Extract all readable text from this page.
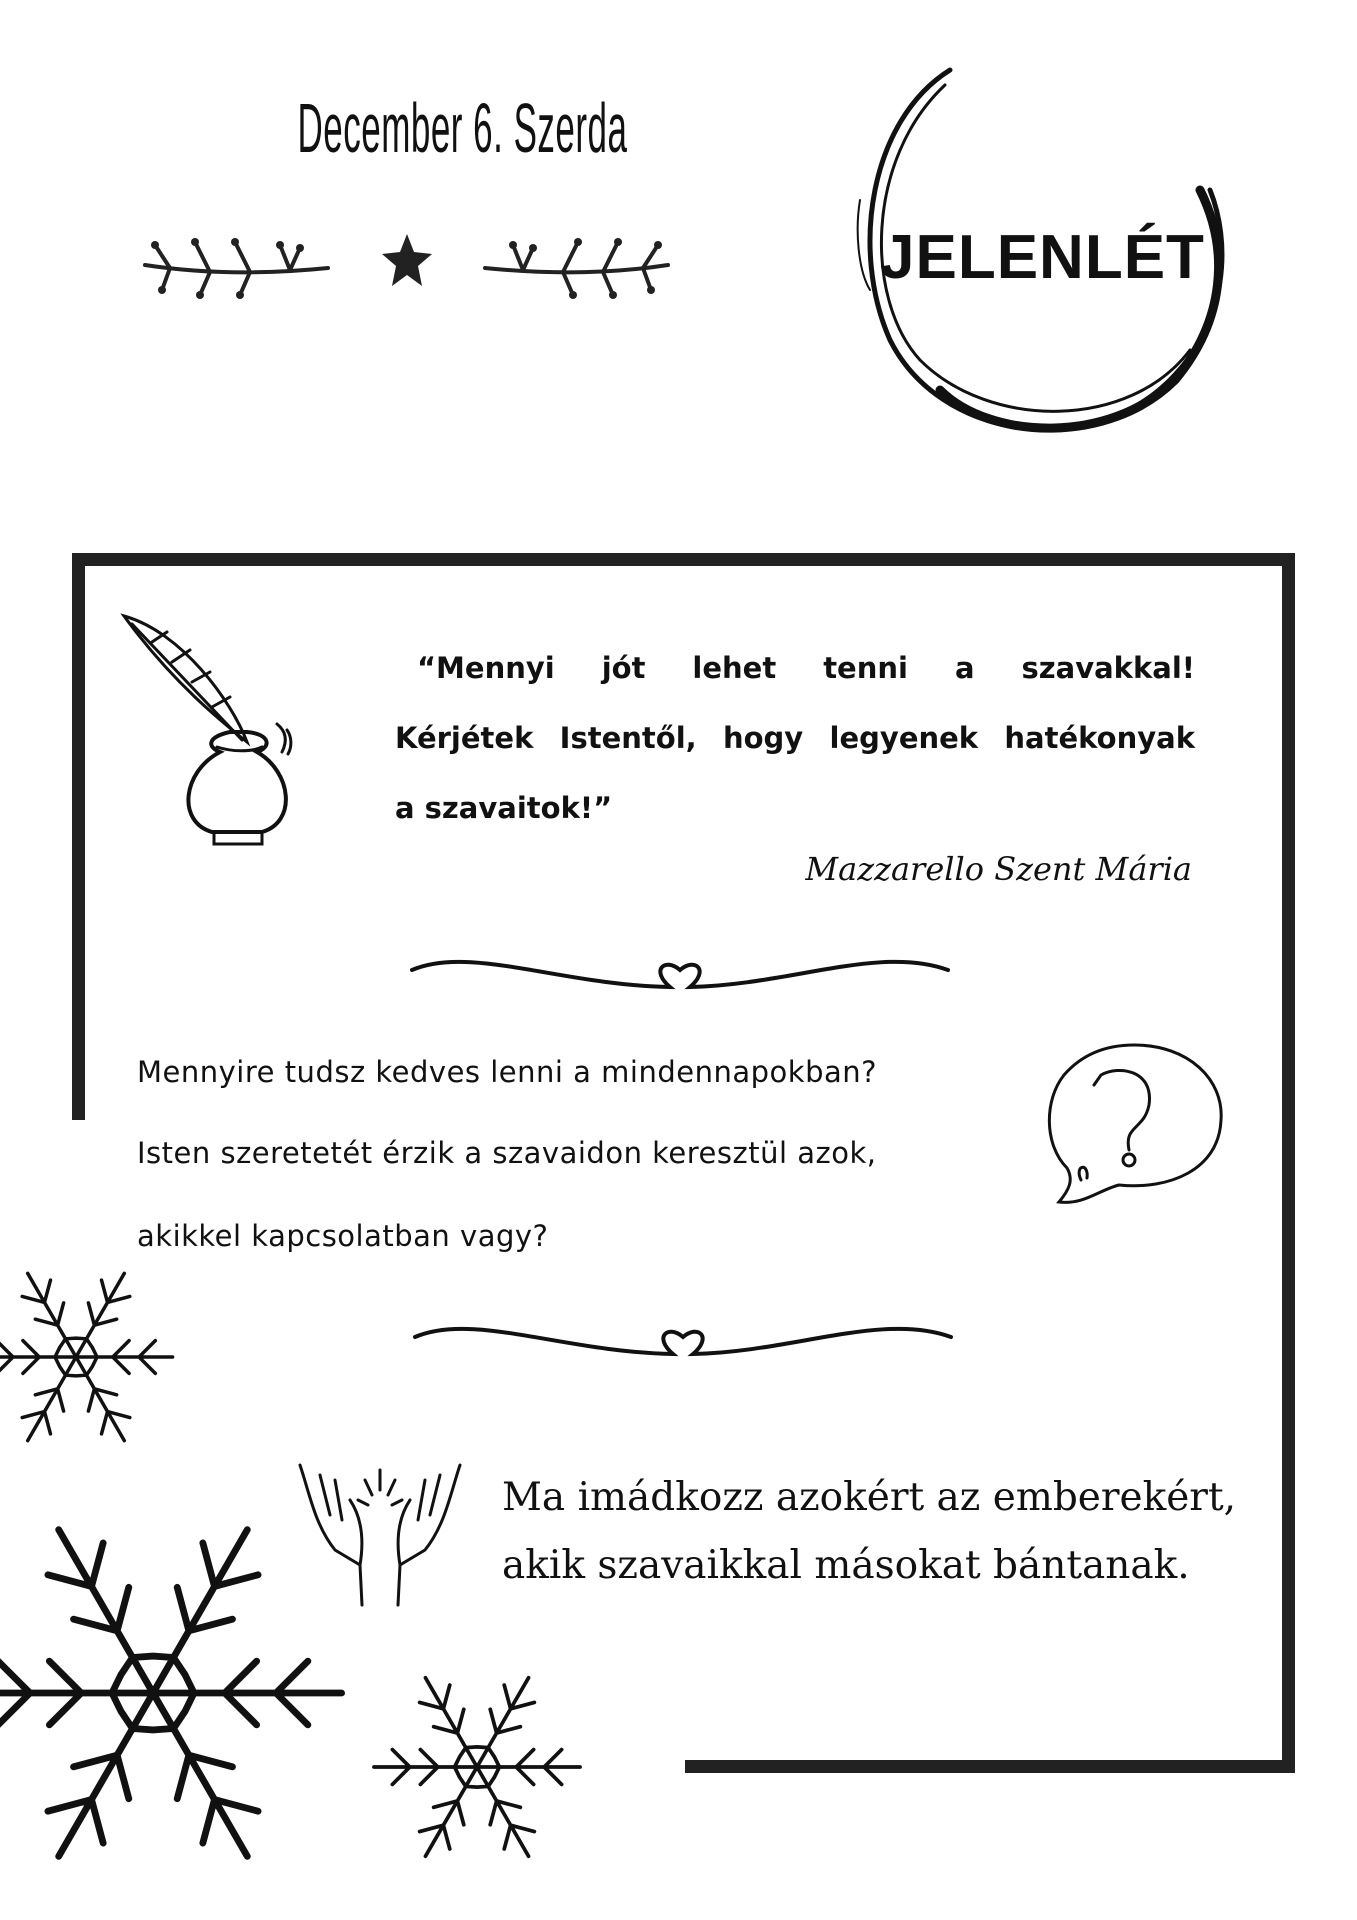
December 6. Szerda
JELENLÉT
“Mennyi jót lehet tenni a szavakkal!
Kérjétek Istentől, hogy legyenek hatékonyak
a szavaitok!”
Mazzarello Szent Mária
Mennyire tudsz kedves lenni a mindennapokban?
Isten szeretetét érzik a szavaidon keresztül azok,
akikkel kapcsolatban vagy?
Ma imádkozz azokért az emberekért,
akik szavaikkal másokat bántanak.
